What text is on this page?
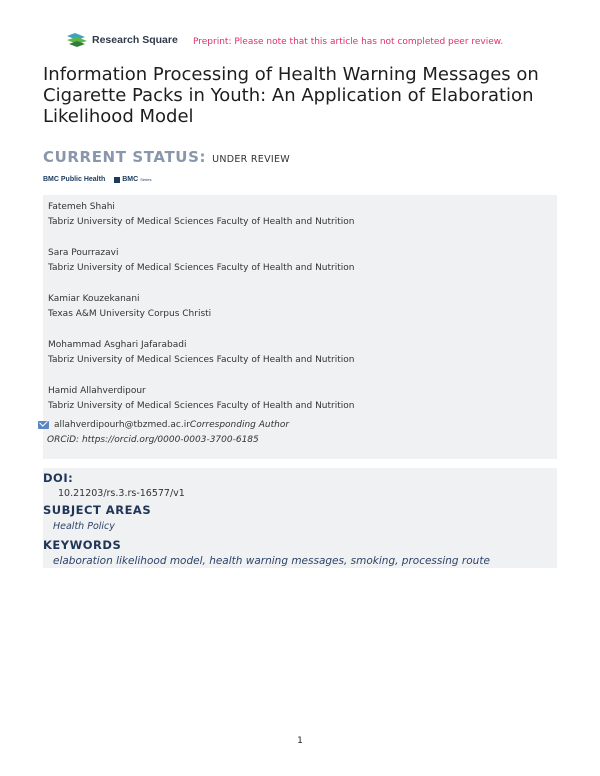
Research Square Preprint: Please note that this article has not completed peer review.
Information Processing of Health Warning Messages on Cigarette Packs in Youth: An Application of Elaboration Likelihood Model
CURRENT STATUS: UNDER REVIEW
BMC Public Health BMC Series
Fatemeh Shahi
Tabriz University of Medical Sciences Faculty of Health and Nutrition
Sara Pourrazavi
Tabriz University of Medical Sciences Faculty of Health and Nutrition
Kamiar Kouzekanani
Texas A&M University Corpus Christi
Mohammad Asghari Jafarabadi
Tabriz University of Medical Sciences Faculty of Health and Nutrition
Hamid Allahverdipour
Tabriz University of Medical Sciences Faculty of Health and Nutrition
allahverdipourh@tbzmed.ac.ir Corresponding Author
ORCiD: https://orcid.org/0000-0003-3700-6185
DOI:
10.21203/rs.3.rs-16577/v1
SUBJECT AREAS
Health Policy
KEYWORDS
elaboration likelihood model, health warning messages, smoking, processing route
1
